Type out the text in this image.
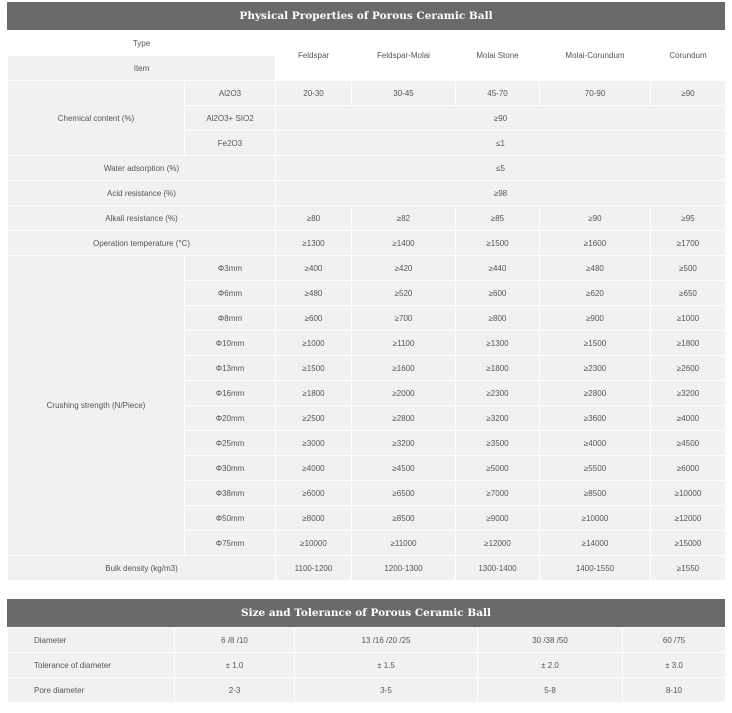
Physical Properties of Porous Ceramic Ball
Type		Feldspar	Feldspar-Molai	Molai Stone	Molai-Corundum	Corundum
Item						
Chemical content (%)	Al2O3	20-30	30-45	45-70	70-90	≥90
	Al2O3+ SIO2	≥90				
	Fe2O3	≤1				
Water adsorption (%)		≤5				
Acid resistance (%)		≥98				
Alkali resistance (%)		≥80	≥82	≥85	≥90	≥95
Operation temperature (°C)		≥1300	≥1400	≥1500	≥1600	≥1700
Crushing strength (N/Piece)	Φ3mm	≥400	≥420	≥440	≥480	≥500
	Φ6mm	≥480	≥520	≥600	≥620	≥650
	Φ8mm	≥600	≥700	≥800	≥900	≥1000
	Φ10mm	≥1000	≥1100	≥1300	≥1500	≥1800
	Φ13mm	≥1500	≥1600	≥1800	≥2300	≥2600
	Φ16mm	≥1800	≥2000	≥2300	≥2800	≥3200
	Φ20mm	≥2500	≥2800	≥3200	≥3600	≥4000
	Φ25mm	≥3000	≥3200	≥3500	≥4000	≥4500
	Φ30mm	≥4000	≥4500	≥5000	≥5500	≥6000
	Φ38mm	≥6000	≥6500	≥7000	≥8500	≥10000
	Φ50mm	≥8000	≥8500	≥9000	≥10000	≥12000
	Φ75mm	≥10000	≥11000	≥12000	≥14000	≥15000
Bulk density (kg/m3)		1100-1200	1200-1300	1300-1400	1400-1550	≥1550
Size and Tolerance of Porous Ceramic Ball
Diameter	6 /8 /10	13 /16 /20 /25	30 /38 /50	60 /75
Tolerance of diameter	± 1.0	± 1.5	± 2.0	± 3.0
Pore diameter	2-3	3-5	5-8	8-10
